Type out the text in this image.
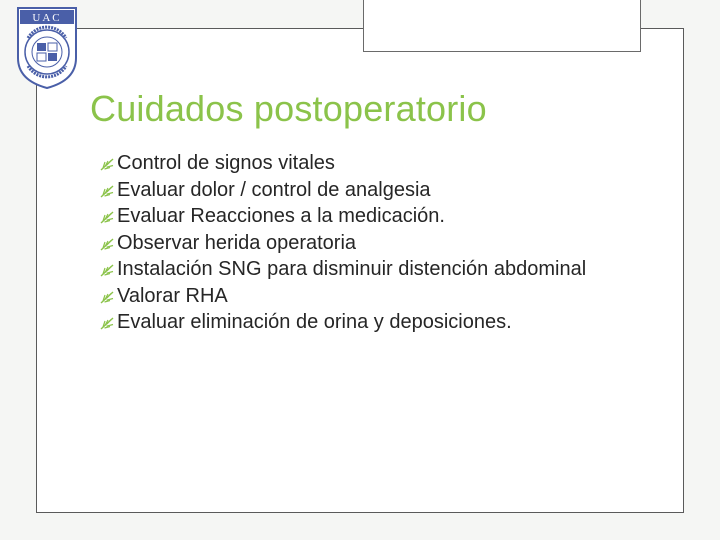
UAC
Cuidados postoperatorio
Control de signos vitales
Evaluar dolor / control de analgesia
Evaluar Reacciones a la medicación.
Observar herida operatoria
Instalación SNG para disminuir distención abdominal
Valorar RHA
Evaluar eliminación de orina y deposiciones.
